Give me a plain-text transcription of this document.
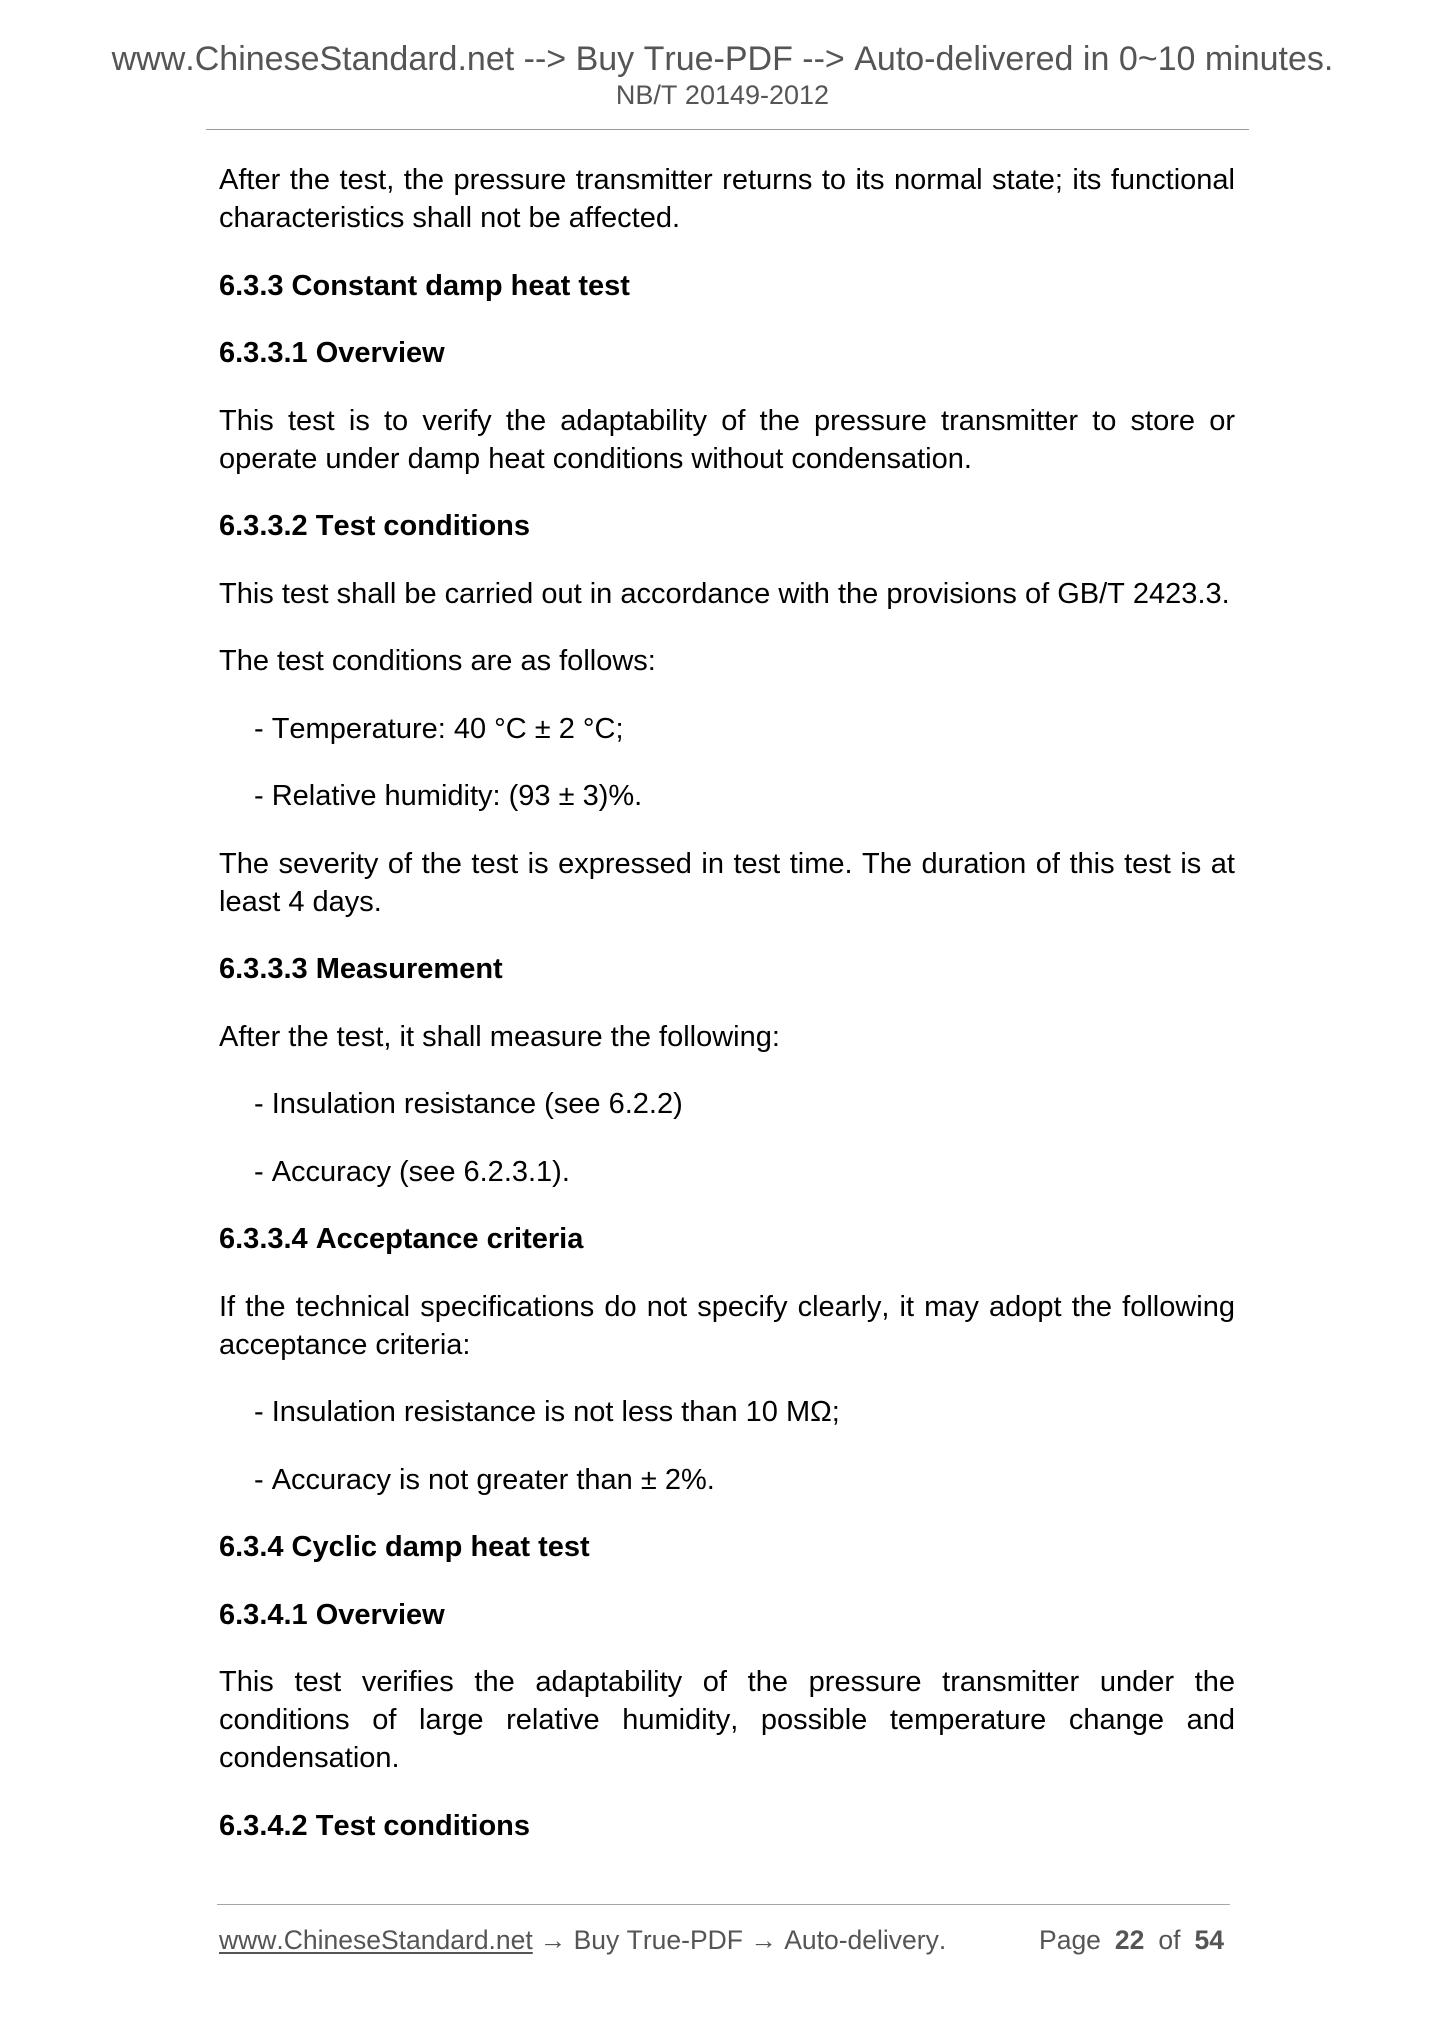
www.ChineseStandard.net --> Buy True-PDF --> Auto-delivered in 0~10 minutes.
NB/T 20149-2012

After the test, the pressure transmitter returns to its normal state; its functional characteristics shall not be affected.

6.3.3 Constant damp heat test
6.3.3.1 Overview

This test is to verify the adaptability of the pressure transmitter to store or operate under damp heat conditions without condensation.

6.3.3.2 Test conditions

This test shall be carried out in accordance with the provisions of GB/T 2423.3.

The test conditions are as follows:

- Temperature: 40 °C ± 2 °C;

- Relative humidity: (93 ± 3)%.

The severity of the test is expressed in test time. The duration of this test is at least 4 days.

6.3.3.3 Measurement

After the test, it shall measure the following:

- Insulation resistance (see 6.2.2)

- Accuracy (see 6.2.3.1).

6.3.3.4 Acceptance criteria

If the technical specifications do not specify clearly, it may adopt the following acceptance criteria:

- Insulation resistance is not less than 10 MΩ;

- Accuracy is not greater than ± 2%.

6.3.4 Cyclic damp heat test
6.3.4.1 Overview

This test verifies the adaptability of the pressure transmitter under the conditions of large relative humidity, possible temperature change and condensation.

6.3.4.2 Test conditions
www.ChineseStandard.net → Buy True-PDF → Auto-delivery.	Page 22 of 54
